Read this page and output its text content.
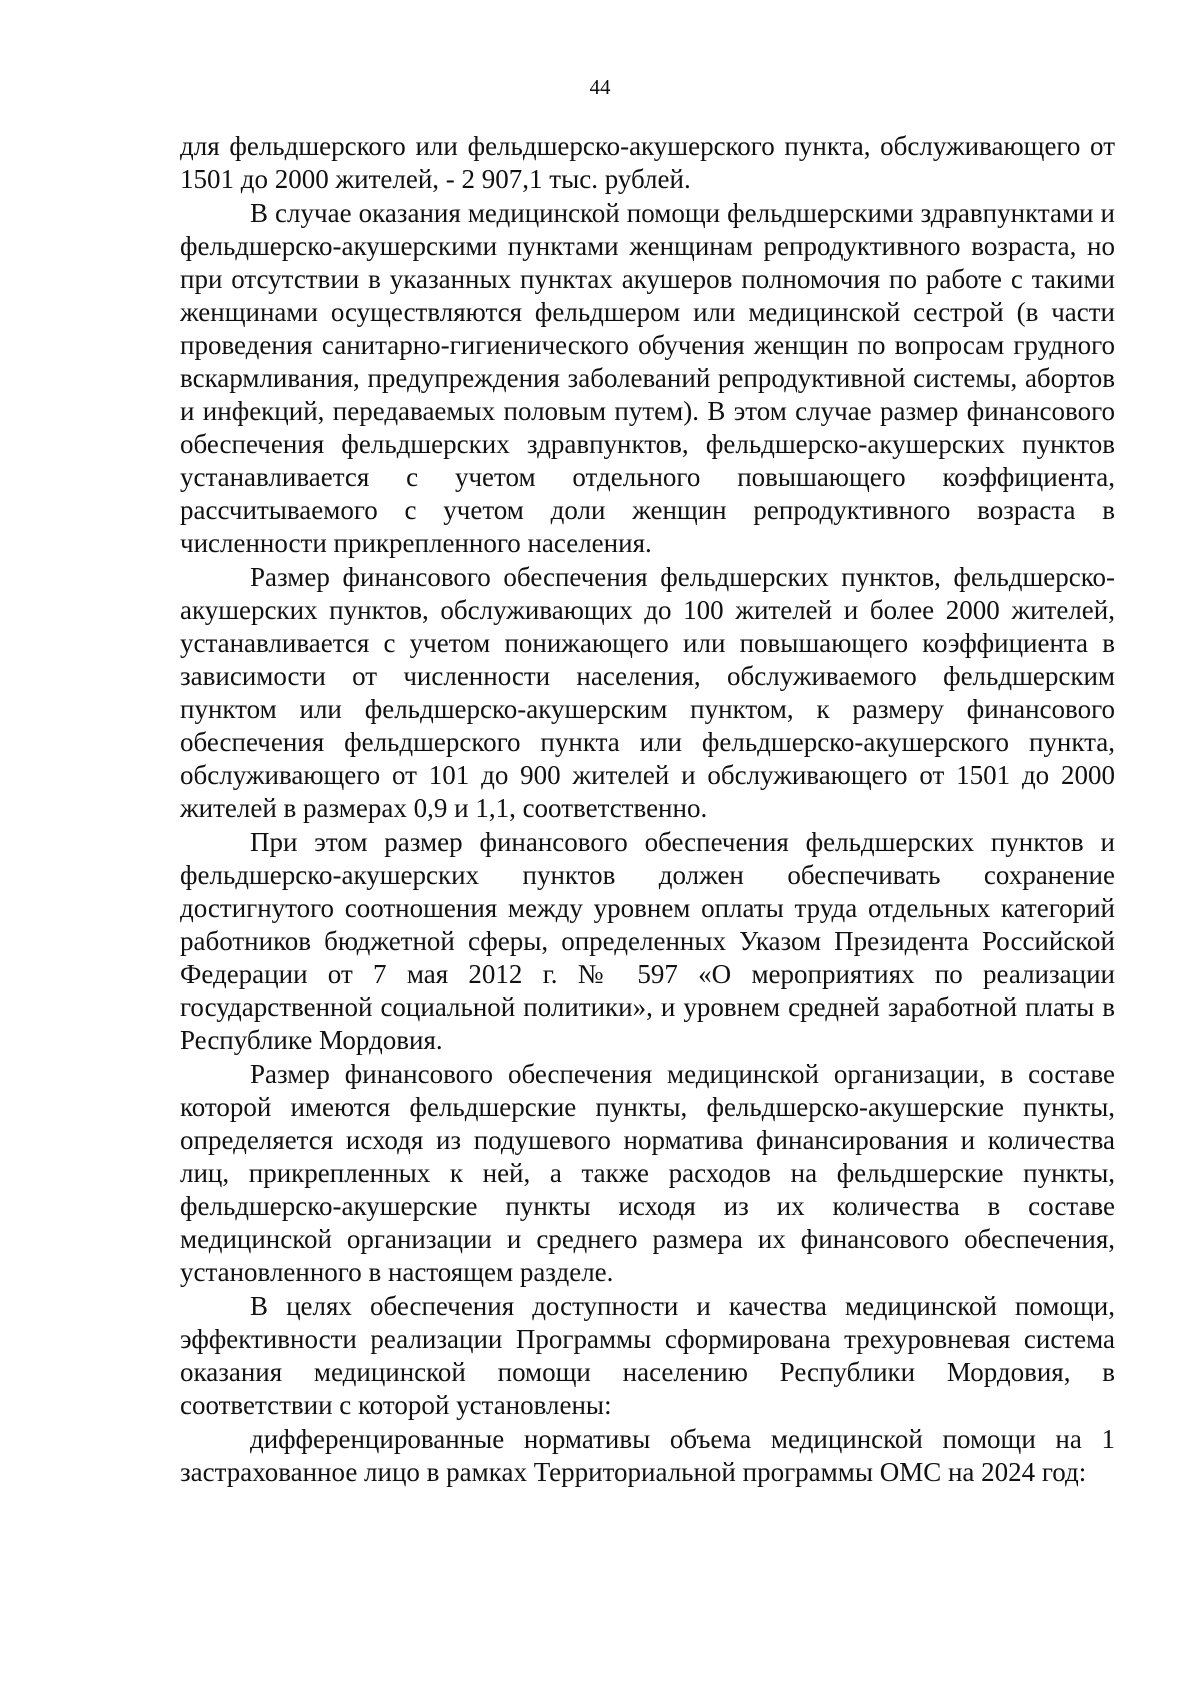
44

для фельдшерского или фельдшерско-акушерского пункта, обслуживающего от 1501 до 2000 жителей, - 2 907,1 тыс. рублей.

В случае оказания медицинской помощи фельдшерскими здравпунктами и фельдшерско-акушерскими пунктами женщинам репродуктивного возраста, но при отсутствии в указанных пунктах акушеров полномочия по работе с такими женщинами осуществляются фельдшером или медицинской сестрой (в части проведения санитарно-гигиенического обучения женщин по вопросам грудного вскармливания, предупреждения заболеваний репродуктивной системы, абортов и инфекций, передаваемых половым путем). В этом случае размер финансового обеспечения фельдшерских здравпунктов, фельдшерско-акушерских пунктов устанавливается с учетом отдельного повышающего коэффициента, рассчитываемого с учетом доли женщин репродуктивного возраста в численности прикрепленного населения.

Размер финансового обеспечения фельдшерских пунктов, фельдшерско-акушерских пунктов, обслуживающих до 100 жителей и более 2000 жителей, устанавливается с учетом понижающего или повышающего коэффициента в зависимости от численности населения, обслуживаемого фельдшерским пунктом или фельдшерско-акушерским пунктом, к размеру финансового обеспечения фельдшерского пункта или фельдшерско-акушерского пункта, обслуживающего от 101 до 900 жителей и обслуживающего от 1501 до 2000 жителей в размерах 0,9 и 1,1, соответственно.

При этом размер финансового обеспечения фельдшерских пунктов и фельдшерско-акушерских пунктов должен обеспечивать сохранение достигнутого соотношения между уровнем оплаты труда отдельных категорий работников бюджетной сферы, определенных Указом Президента Российской Федерации от 7 мая 2012 г. № 597 «О мероприятиях по реализации государственной социальной политики», и уровнем средней заработной платы в Республике Мордовия.

Размер финансового обеспечения медицинской организации, в составе которой имеются фельдшерские пункты, фельдшерско-акушерские пункты, определяется исходя из подушевого норматива финансирования и количества лиц, прикрепленных к ней, а также расходов на фельдшерские пункты, фельдшерско-акушерские пункты исходя из их количества в составе медицинской организации и среднего размера их финансового обеспечения, установленного в настоящем разделе.

В целях обеспечения доступности и качества медицинской помощи, эффективности реализации Программы сформирована трехуровневая система оказания медицинской помощи населению Республики Мордовия, в соответствии с которой установлены:

дифференцированные нормативы объема медицинской помощи на 1 застрахованное лицо в рамках Территориальной программы ОМС на 2024 год:
